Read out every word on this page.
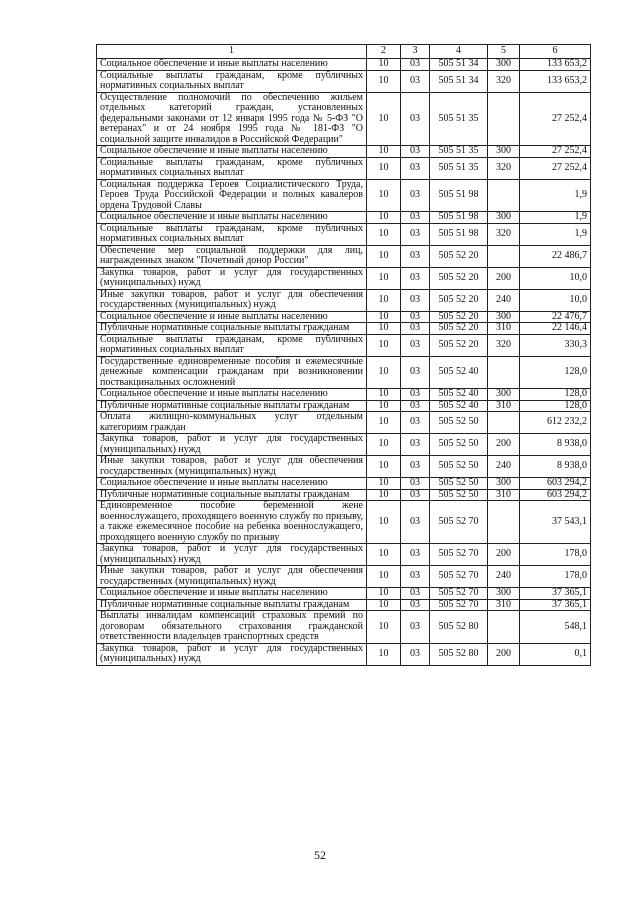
1	2	3	4	5	6
Социальное обеспечение и иные выплаты населению	10	03	505 51 34	300	133 653,2
Социальные выплаты гражданам, кроме публичных нормативных социальных выплат	10	03	505 51 34	320	133 653,2
Осуществление полномочий по обеспечению жильем отдельных категорий граждан, установленных федеральными законами от 12 января 1995 года № 5-ФЗ "О ветеранах" и от 24 ноября 1995 года № 181-ФЗ "О социальной защите инвалидов в Российской Федерации"	10	03	505 51 35		27 252,4
Социальное обеспечение и иные выплаты населению	10	03	505 51 35	300	27 252,4
Социальные выплаты гражданам, кроме публичных нормативных социальных выплат	10	03	505 51 35	320	27 252,4
Социальная поддержка Героев Социалистического Труда, Героев Труда Российской Федерации и полных кавалеров ордена Трудовой Славы	10	03	505 51 98		1,9
Социальное обеспечение и иные выплаты населению	10	03	505 51 98	300	1,9
Социальные выплаты гражданам, кроме публичных нормативных социальных выплат	10	03	505 51 98	320	1,9
Обеспечение мер социальной поддержки для лиц, награжденных знаком "Почетный донор России"	10	03	505 52 20		22 486,7
Закупка товаров, работ и услуг для государственных (муниципальных) нужд	10	03	505 52 20	200	10,0
Иные закупки товаров, работ и услуг для обеспечения государственных (муниципальных) нужд	10	03	505 52 20	240	10,0
Социальное обеспечение и иные выплаты населению	10	03	505 52 20	300	22 476,7
Публичные нормативные социальные выплаты гражданам	10	03	505 52 20	310	22 146,4
Социальные выплаты гражданам, кроме публичных нормативных социальных выплат	10	03	505 52 20	320	330,3
Государственные единовременные пособия и ежемесячные денежные компенсации гражданам при возникновении поствакцинальных осложнений	10	03	505 52 40		128,0
Социальное обеспечение и иные выплаты населению	10	03	505 52 40	300	128,0
Публичные нормативные социальные выплаты гражданам	10	03	505 52 40	310	128,0
Оплата жилищно-коммунальных услуг отдельным категориям граждан	10	03	505 52 50		612 232,2
Закупка товаров, работ и услуг для государственных (муниципальных) нужд	10	03	505 52 50	200	8 938,0
Иные закупки товаров, работ и услуг для обеспечения государственных (муниципальных) нужд	10	03	505 52 50	240	8 938,0
Социальное обеспечение и иные выплаты населению	10	03	505 52 50	300	603 294,2
Публичные нормативные социальные выплаты гражданам	10	03	505 52 50	310	603 294,2
Единовременное пособие беременной жене военнослужащего, проходящего военную службу по призыву, а также ежемесячное пособие на ребенка военнослужащего, проходящего военную службу по призыву	10	03	505 52 70		37 543,1
Закупка товаров, работ и услуг для государственных (муниципальных) нужд	10	03	505 52 70	200	178,0
Иные закупки товаров, работ и услуг для обеспечения государственных (муниципальных) нужд	10	03	505 52 70	240	178,0
Социальное обеспечение и иные выплаты населению	10	03	505 52 70	300	37 365,1
Публичные нормативные социальные выплаты гражданам	10	03	505 52 70	310	37 365,1
Выплаты инвалидам компенсаций страховых премий по договорам обязательного страхования гражданской ответственности владельцев транспортных средств	10	03	505 52 80		548,1
Закупка товаров, работ и услуг для государственных (муниципальных) нужд	10	03	505 52 80	200	0,1
52
